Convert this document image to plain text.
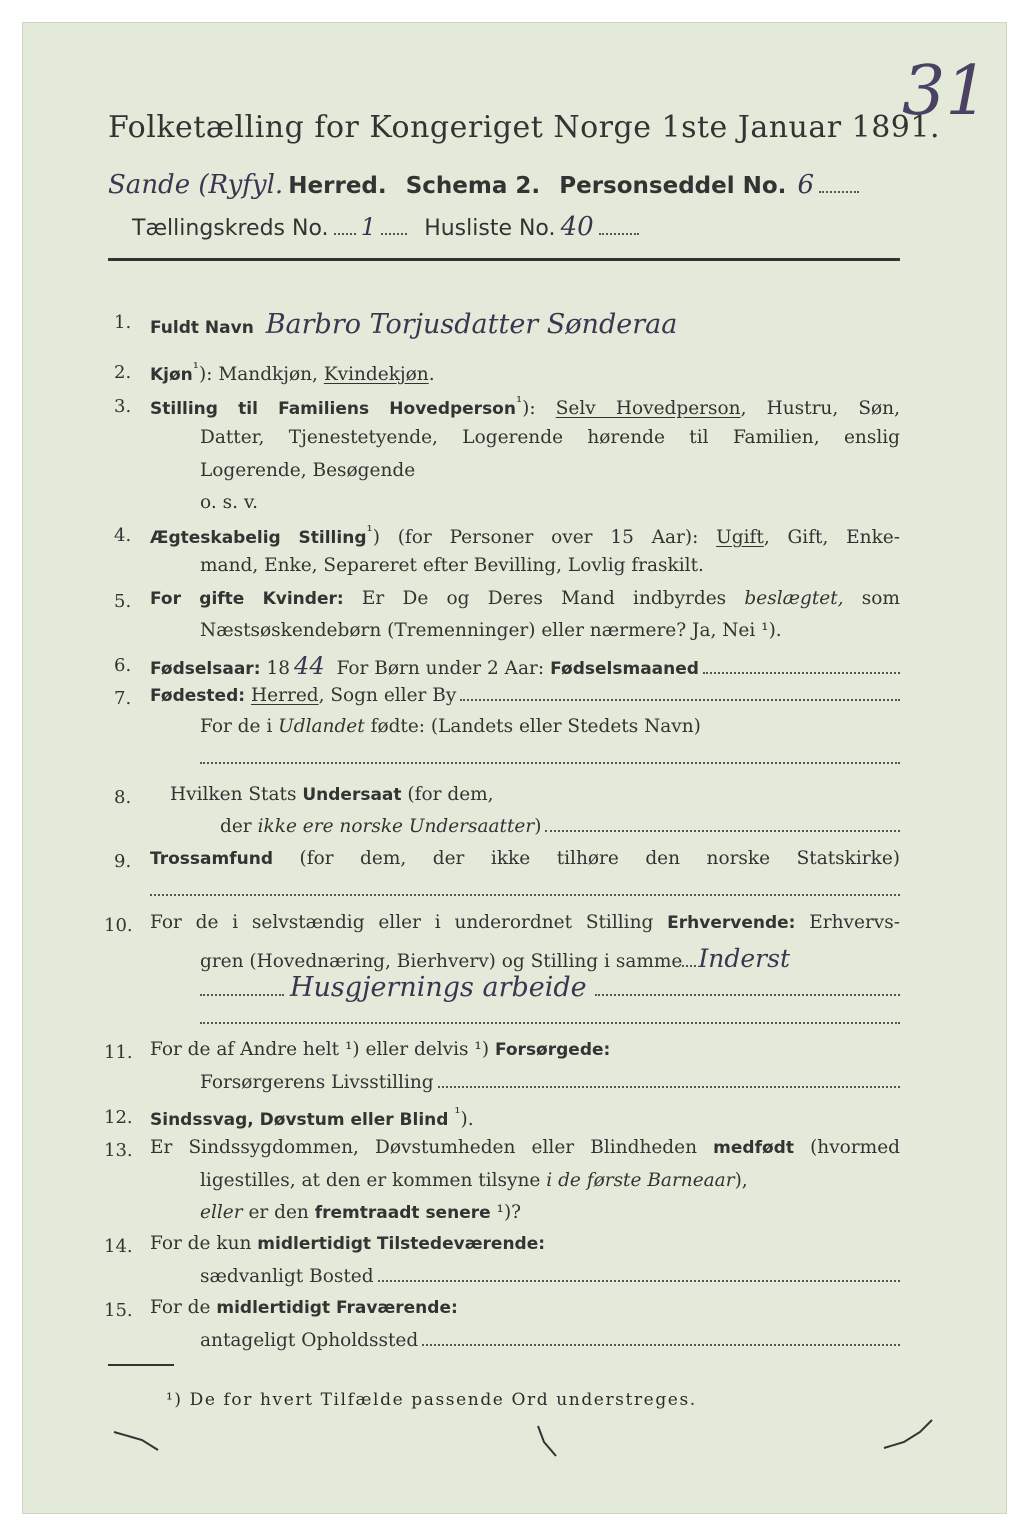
Folketælling for Kongeriget Norge 1ste Januar 1891.
31
Sande (Ryfyl. Herred. Schema 2. Personseddel No. 6
Tællingskreds No. 1 Husliste No. 40
1. Fuldt Navn Barbro Torjusdatter Sønderaa
2. Kjøn$^{^1}$): Mandkjøn, Kvindekjøn.
3. Stilling til Familiens Hovedperson$^{^1}$): Selv Hovedperson, Hustru, Søn,
Datter, Tjenestetyende, Logerende hørende til Familien, enslig
Logerende, Besøgende
o. s. v.
4. Ægteskabelig Stilling$^{^1}$) (for Personer over 15 Aar): Ugift, Gift, Enke-
mand, Enke, Separeret efter Bevilling, Lovlig fraskilt.
5. For gifte Kvinder: Er De og Deres Mand indbyrdes beslægtet, som
Næstsøskendebørn (Tremenninger) eller nærmere? Ja, Nei ¹).
6. Fødselsaar: 18 44 For Børn under 2 Aar: Fødselsmaaned
7. Fødested: Herred , Sogn eller By
For de i Udlandet fødte: (Landets eller Stedets Navn)
8. Hvilken Stats Undersaat (for dem,
der ikke ere norske Undersaatter )
9. Trossamfund (for dem, der ikke tilhøre den norske Statskirke)
10. For de i selvstændig eller i underordnet Stilling Erhvervende: Erhvervs-
gren (Hovednæring, Bierhverv) og Stilling i samme Inderst
Husgjernings arbeide
11. For de af Andre helt ¹) eller delvis ¹) Forsørgede:
Forsørgerens Livsstilling
12. Sindssvag, Døvstum eller Blind $^{^1}$).
13. Er Sindssygdommen, Døvstumheden eller Blindheden medfødt (hvormed
ligestilles, at den er kommen tilsyne i de første Barneaar),
eller er den fremtraadt senere ¹)?
14. For de kun midlertidigt Tilstedeværende:
sædvanligt Bosted
15. For de midlertidigt Fraværende:
antageligt Opholdssted
¹) De for hvert Tilfælde passende Ord understreges.
